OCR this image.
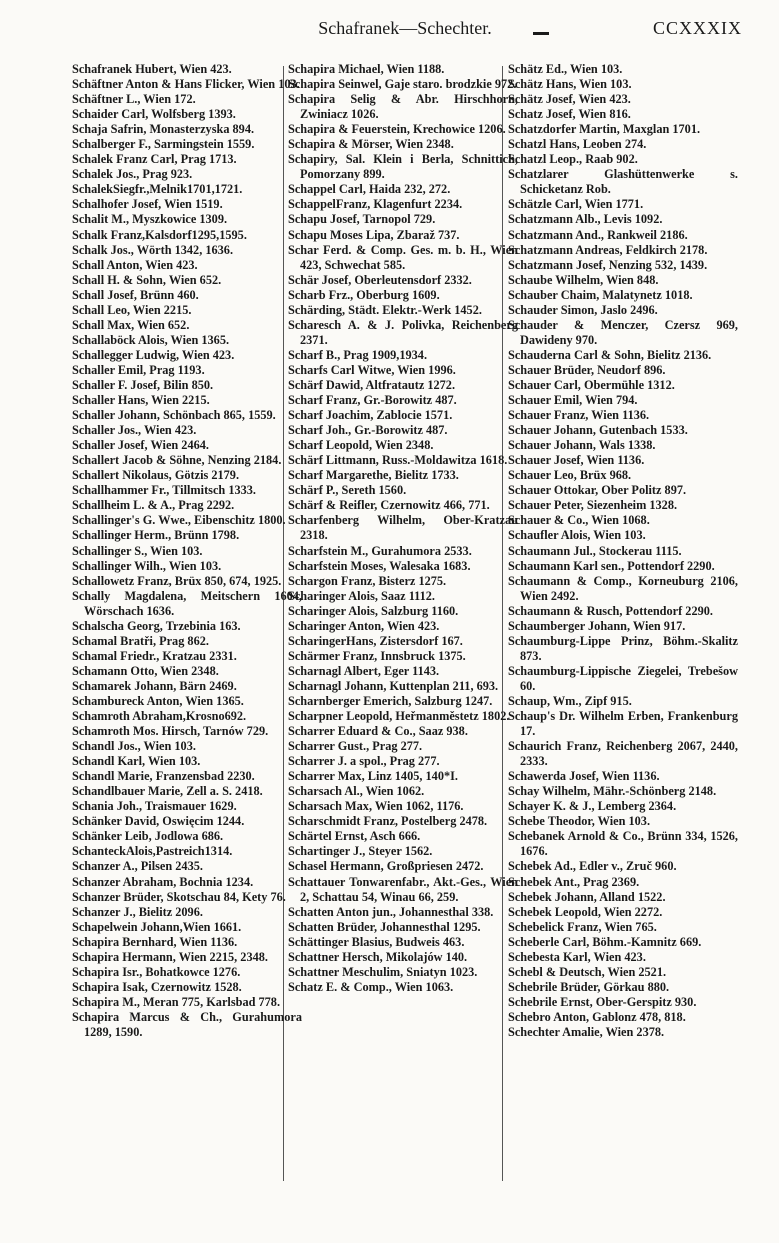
Schafranek—Schechter.	CCXXXIX
Schafranek Hubert, Wien 423.
Schäftner Anton & Hans Flicker, Wien 103.
Schäftner L., Wien 172.
Schaider Carl, Wolfsberg 1393.
Schaja Safrin, Monasterzyska 894.
Schalberger F., Sarmingstein 1559.
Schalek Franz Carl, Prag 1713.
Schalek Jos., Prag 923.
SchalekSiegfr.,Melnik1701,1721.
Schalhofer Josef, Wien 1519.
Schalit M., Myszkowice 1309.
Schalk Franz,Kalsdorf1295,1595.
Schalk Jos., Wörth 1342, 1636.
Schall Anton, Wien 423.
Schall H. & Sohn, Wien 652.
Schall Josef, Brünn 460.
Schall Leo, Wien 2215.
Schall Max, Wien 652.
Schallaböck Alois, Wien 1365.
Schallegger Ludwig, Wien 423.
Schaller Emil, Prag 1193.
Schaller F. Josef, Bilin 850.
Schaller Hans, Wien 2215.
Schaller Johann, Schönbach 865, 1559.
Schaller Jos., Wien 423.
Schaller Josef, Wien 2464.
Schallert Jacob & Söhne, Nenzing 2184.
Schallert Nikolaus, Götzis 2179.
Schallhammer Fr., Tillmitsch 1333.
Schallheim L. & A., Prag 2292.
Schallinger's G. Wwe., Eibenschitz 1800.
Schallinger Herm., Brünn 1798.
Schallinger S., Wien 103.
Schallinger Wilh., Wien 103.
Schallowetz Franz, Brüx 850, 674, 1925.
Schally Magdalena, Meitschern 1604, Wörschach 1636.
Schalscha Georg, Trzebinia 163.
Schamal Bratři, Prag 862.
Schamal Friedr., Kratzau 2331.
Schamann Otto, Wien 2348.
Schamarek Johann, Bärn 2469.
Schambureck Anton, Wien 1365.
Schamroth Abraham,Krosno692.
Schamroth Mos. Hirsch, Tarnów 729.
Schandl Jos., Wien 103.
Schandl Karl, Wien 103.
Schandl Marie, Franzensbad 2230.
Schandlbauer Marie, Zell a. S. 2418.
Schania Joh., Traismauer 1629.
Schänker David, Oswięcim 1244.
Schänker Leib, Jodlowa 686.
SchanteckAlois,Pastreich1314.
Schanzer A., Pilsen 2435.
Schanzer Abraham, Bochnia 1234.
Schanzer Brüder, Skotschau 84, Kety 76.
Schanzer J., Bielitz 2096.
Schapelwein Johann,Wien 1661.
Schapira Bernhard, Wien 1136.
Schapira Hermann, Wien 2215, 2348.
Schapira Isr., Bohatkowce 1276.
Schapira Isak, Czernowitz 1528.
Schapira M., Meran 775, Karlsbad 778.
Schapira Marcus & Ch., Gurahumora 1289, 1590.
Schapira Michael, Wien 1188.
Schapira Seinwel, Gaje staro. brodzkie 972.
Schapira Selig & Abr. Hirschhorn, Zwiniacz 1026.
Schapira & Feuerstein, Krechowice 1206.
Schapira & Mörser, Wien 2348.
Schapiry, Sal. Klein i Berla, Schnittich, Pomorzany 899.
Schappel Carl, Haida 232, 272.
SchappelFranz, Klagenfurt 2234.
Schapu Josef, Tarnopol 729.
Schapu Moses Lipa, Zbaraž 737.
Schar Ferd. & Comp. Ges. m. b. H., Wien 423, Schwechat 585.
Schär Josef, Oberleutensdorf 2332.
Scharb Frz., Oberburg 1609.
Schärding, Städt. Elektr.-Werk 1452.
Scharesch A. & J. Polivka, Reichenberg 2371.
Scharf B., Prag 1909,1934.
Scharfs Carl Witwe, Wien 1996.
Schärf Dawid, Altfratautz 1272.
Scharf Franz, Gr.-Borowitz 487.
Scharf Joachim, Zablocie 1571.
Scharf Joh., Gr.-Borowitz 487.
Scharf Leopold, Wien 2348.
Schärf Littmann, Russ.-Moldawitza 1618.
Scharf Margarethe, Bielitz 1733.
Schärf P., Sereth 1560.
Schärf & Reifler, Czernowitz 466, 771.
Scharfenberg Wilhelm, Ober-Kratzau 2318.
Scharfstein M., Gurahumora 2533.
Scharfstein Moses, Walesaka 1683.
Schargon Franz, Bisterz 1275.
Scharinger Alois, Saaz 1112.
Scharinger Alois, Salzburg 1160.
Scharinger Anton, Wien 423.
ScharingerHans, Zistersdorf 167.
Schärmer Franz, Innsbruck 1375.
Scharnagl Albert, Eger 1143.
Scharnagl Johann, Kuttenplan 211, 693.
Scharnberger Emerich, Salzburg 1247.
Scharpner Leopold, Heřmanměstetz 1802.
Scharrer Eduard & Co., Saaz 938.
Scharrer Gust., Prag 277.
Scharrer J. a spol., Prag 277.
Scharrer Max, Linz 1405, 140*I.
Scharsach Al., Wien 1062.
Scharsach Max, Wien 1062, 1176.
Scharschmidt Franz, Postelberg 2478.
Schärtel Ernst, Asch 666.
Schartinger J., Steyer 1562.
Schasel Hermann, Großpriesen 2472.
Schattauer Tonwarenfabr., Akt.-Ges., Wien 2, Schattau 54, Winau 66, 259.
Schatten Anton jun., Johannesthal 338.
Schatten Brüder, Johannesthal 1295.
Schättinger Blasius, Budweis 463.
Schattner Hersch, Mikolajów 140.
Schattner Meschulim, Sniatyn 1023.
Schatz E. & Comp., Wien 1063.
Schätz Ed., Wien 103.
Schätz Hans, Wien 103.
Schätz Josef, Wien 423.
Schatz Josef, Wien 816.
Schatzdorfer Martin, Maxglan 1701.
Schatzl Hans, Leoben 274.
Schatzl Leop., Raab 902.
Schatzlarer Glashüttenwerke s. Schicketanz Rob.
Schätzle Carl, Wien 1771.
Schatzmann Alb., Levis 1092.
Schatzmann And., Rankweil 2186.
Schatzmann Andreas, Feldkirch 2178.
Schatzmann Josef, Nenzing 532, 1439.
Schaube Wilhelm, Wien 848.
Schauber Chaim, Malatynetz 1018.
Schauder Simon, Jaslo 2496.
Schauder & Menczer, Czersz 969, Dawideny 970.
Schauderna Carl & Sohn, Bielitz 2136.
Schauer Brüder, Neudorf 896.
Schauer Carl, Obermühle 1312.
Schauer Emil, Wien 794.
Schauer Franz, Wien 1136.
Schauer Johann, Gutenbach 1533.
Schauer Johann, Wals 1338.
Schauer Josef, Wien 1136.
Schauer Leo, Brüx 968.
Schauer Ottokar, Ober Politz 897.
Schauer Peter, Siezenheim 1328.
Schauer & Co., Wien 1068.
Schaufler Alois, Wien 103.
Schaumann Jul., Stockerau 1115.
Schaumann Karl sen., Pottendorf 2290.
Schaumann & Comp., Korneuburg 2106, Wien 2492.
Schaumann & Rusch, Pottendorf 2290.
Schaumberger Johann, Wien 917.
Schaumburg-Lippe Prinz, Böhm.-Skalitz 873.
Schaumburg-Lippische Ziegelei, Trebešow 60.
Schaup, Wm., Zipf 915.
Schaup's Dr. Wilhelm Erben, Frankenburg 17.
Schaurich Franz, Reichenberg 2067, 2440, 2333.
Schawerda Josef, Wien 1136.
Schay Wilhelm, Mähr.-Schönberg 2148.
Schayer K. & J., Lemberg 2364.
Schebe Theodor, Wien 103.
Schebanek Arnold & Co., Brünn 334, 1526, 1676.
Schebek Ad., Edler v., Zruč 960.
Schebek Ant., Prag 2369.
Schebek Johann, Alland 1522.
Schebek Leopold, Wien 2272.
Schebelick Franz, Wien 765.
Scheberle Carl, Böhm.-Kamnitz 669.
Schebesta Karl, Wien 423.
Schebl & Deutsch, Wien 2521.
Schebrile Brüder, Görkau 880.
Schebrile Ernst, Ober-Gerspitz 930.
Schebro Anton, Gablonz 478, 818.
Schechter Amalie, Wien 2378.
